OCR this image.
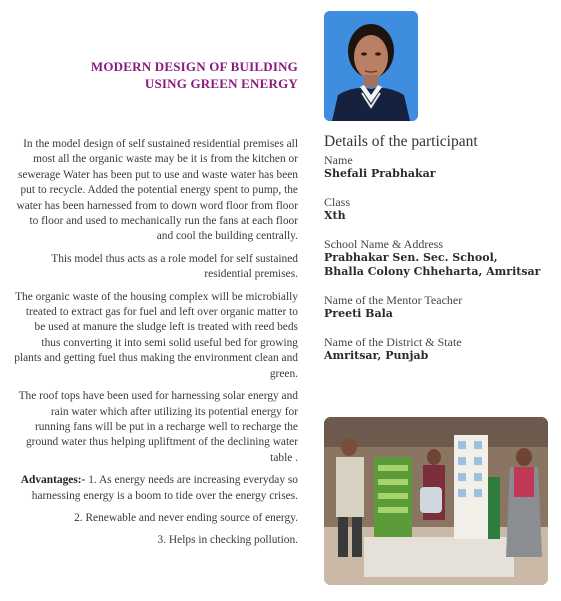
MODERN DESIGN OF BUILDING
USING GREEN ENERGY

In the model design of self sustained residential premises all most all the organic waste may be it is from the kitchen or sewerage Water has been put to use and waste water has been put to recycle. Added the potential energy spent to pump, the water has been harnessed from to down word floor from floor to floor and used to mechanically run the fans at each floor and cool the building centrally.

This model thus acts as a role model for self sustained residential premises.

The organic waste of the housing complex will be microbially treated to extract gas for fuel and left over organic matter to be used at manure the sludge left is treated with reed beds thus converting it into semi solid useful bed for growing plants and getting fuel thus making the environment clean and green.

The roof tops have been used for harnessing solar energy and rain water which after utilizing its potential energy for running fans will be put in a recharge well to recharge the ground water thus helping upliftment of the declining water table .

Advantages:- 1. As energy needs are increasing everyday so harnessing energy is a boom to tide over the energy crises.

2. Renewable and never ending source of energy.

3. Helps in checking pollution.

Details of the participant
Name
Shefali Prabhakar
Class
Xth
School Name & Address
Prabhakar Sen. Sec. School,
Bhalla Colony Chheharta, Amritsar
Name of the Mentor Teacher
Preeti Bala
Name of the District & State
Amritsar, Punjab
